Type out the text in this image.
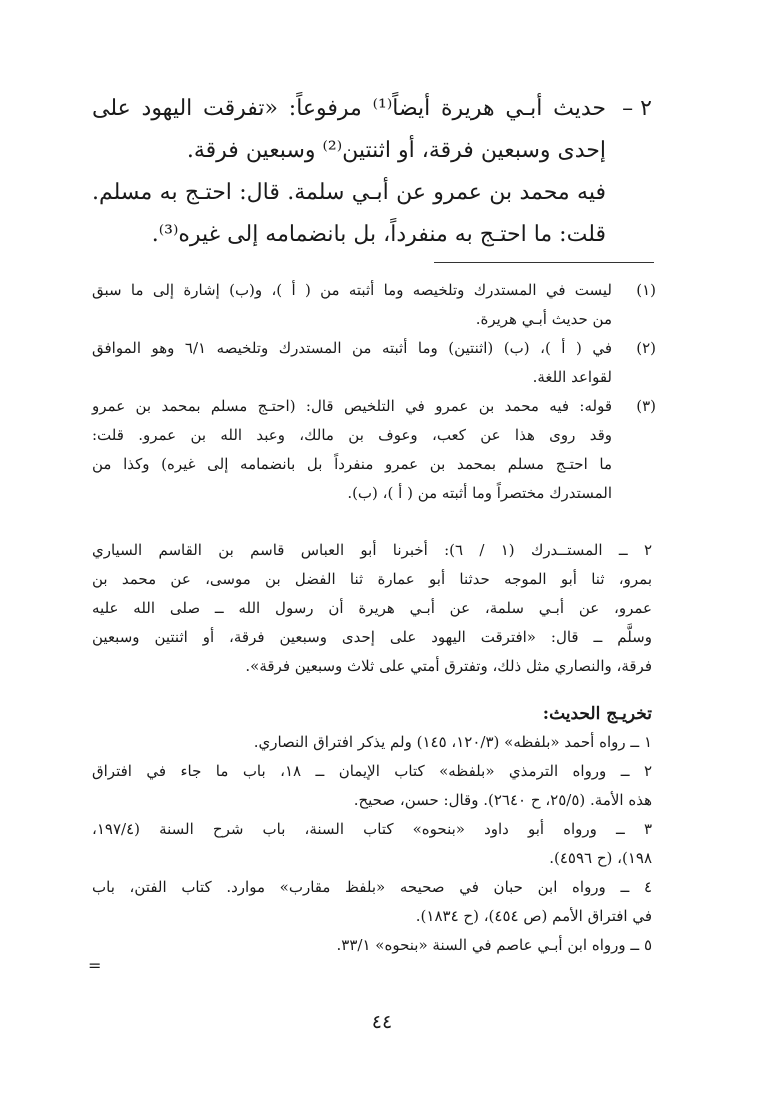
حديث أبـي هريرة أيضاً⁽¹⁾ مرفوعاً: «تفرقت اليهود على
إحدى وسبعين فرقة، أو اثنتين⁽²⁾ وسبعين فرقة.
فيه محمد بن عمرو عن أبـي سلمة. قال: احتـج به مسلم.
قلت: ما احتـج به منفرداً، بل بانضمامه إلى غيره⁽³⁾.
٢ –
(١)
(٢)
(٣)
ليست في المستدرك وتلخيصه وما أثبته من ( أ )، و(ب) إشارة إلى ما سبق
من حديث أبـي هريرة.
في ( أ )، (ب) (اثنتين) وما أثبته من المستدرك وتلخيصه ٦/١ وهو الموافق
لقواعد اللغة.
قوله: فيه محمد بن عمرو في التلخيص قال: (احتـج مسلم بمحمد بن عمرو
وقد روى هذا عن كعب، وعوف بن مالك، وعبد الله بن عمرو. قلت:
ما احتـج مسلم بمحمد بن عمرو منفرداً بل بانضمامه إلى غيره) وكذا من
المستدرك مختصراً وما أثبته من ( أ )، (ب).
٢ ــ المستــدرك (١ / ٦): أخبرنا أبو العباس قاسم بن القاسم السياري
بمرو، ثنا أبو الموجه حدثنا أبو عمارة ثنا الفضل بن موسى، عن محمد بن
عمرو، عن أبـي سلمة، عن أبـي هريرة أن رسول الله ــ صلى الله عليه
وسلَّم ــ قال: «افترقت اليهود على إحدى وسبعين فرقة، أو اثنتين وسبعين
فرقة، والنصاري مثل ذلك، وتفترق أمتي على ثلاث وسبعين فرقة».
تخريـج الحديث:
١ ــ رواه أحمد «بلفظه» (١٢٠/٣، ١٤٥) ولم يذكر افتراق النصاري.
٢ ــ ورواه الترمذي «بلفظه» كتاب الإيمان ــ ١٨، باب ما جاء في افتراق
هذه الأمة. (٢٥/٥، ح ٢٦٤٠). وقال: حسن، صحيح.
٣ ــ ورواه أبو داود «بنحوه» كتاب السنة، باب شرح السنة (١٩٧/٤،
١٩٨)، (ح ٤٥٩٦).
٤ ــ ورواه ابن حبان في صحيحه «بلفظ مقارب» موارد. كتاب الفتن، باب
في افتراق الأمم (ص ٤٥٤)، (ح ١٨٣٤).
٥ ــ ورواه ابن أبـي عاصم في السنة «بنحوه» ٣٣/١.
=
٤٤
